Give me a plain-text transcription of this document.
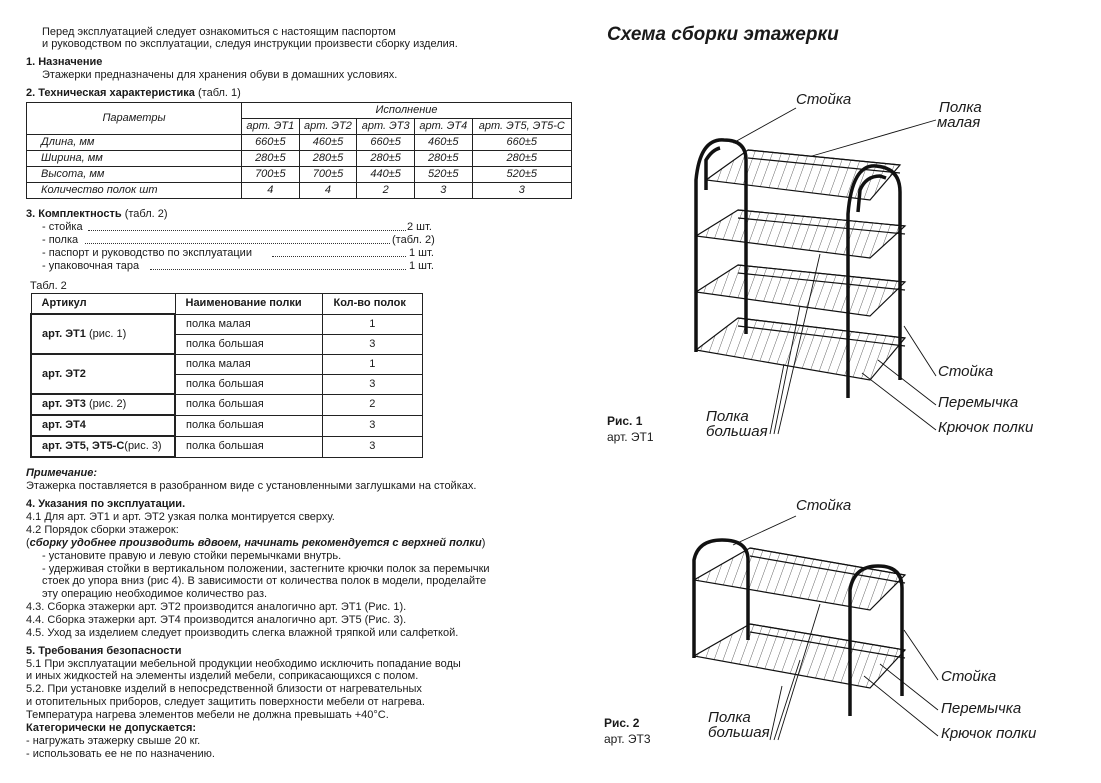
Перед эксплуатацией следует ознакомиться с настоящим паспортом
и руководством по эксплуатации, следуя инструкции произвести сборку изделия.
1. Назначение
Этажерки предназначены для хранения обуви в домашних условиях.
2. Техническая характеристика (табл. 1)
Параметры	Исполнение				
	арт. ЭТ1	арт. ЭТ2	арт. ЭТ3	арт. ЭТ4	арт. ЭТ5, ЭТ5-С
Длина, мм	660±5	460±5	660±5	460±5	660±5
Ширина, мм	280±5	280±5	280±5	280±5	280±5
Высота, мм	700±5	700±5	440±5	520±5	520±5
Количество полок шт	4	4	2	3	3
3. Комплектность (табл. 2)
- стойка	2 шт.
- полка	(табл. 2)
- паспорт и руководство по эксплуатации	1 шт.
- упаковочная тара	1 шт.
Табл. 2
Артикул	Наименование полки	Кол-во полок
арт. ЭТ1 (рис. 1)	полка малая	1
	полка большая	3
арт. ЭТ2	полка малая	1
	полка большая	3
арт. ЭТ3 (рис. 2)	полка большая	2
арт. ЭТ4	полка большая	3
арт. ЭТ5, ЭТ5-С(рис. 3)	полка большая	3
Примечание:
Этажерка поставляется в разобранном виде с установленными заглушками на стойках.
4. Указания по эксплуатации.
4.1 Для арт. ЭТ1 и арт. ЭТ2 узкая полка монтируется сверху.
4.2 Порядок сборки этажерок:
(сборку удобнее производить вдвоем, начинать рекомендуется с верхней полки)
- установите правую и левую стойки перемычками внутрь.
- удерживая стойки в вертикальном положении, застегните крючки полок за перемычки
стоек до упора вниз (рис 4). В зависимости от количества полок в модели, проделайте
эту операцию необходимое количество раз.
4.3. Сборка этажерки арт. ЭТ2 производится аналогично арт. ЭТ1 (Рис. 1).
4.4. Сборка этажерки арт. ЭТ4 производится аналогично арт. ЭТ5 (Рис. 3).
4.5. Уход за изделием следует производить слегка влажной тряпкой или салфеткой.
5. Требования безопасности
5.1 При эксплуатации мебельной продукции необходимо исключить попадание воды
и иных жидкостей на элементы изделий мебели, соприкасающихся с полом.
5.2. При установке изделий в непосредственной близости от нагревательных
и отопительных приборов, следует защитить поверхности мебели от нагрева.
Температура нагрева элементов мебели не должна превышать +40°С.
Категорически не допускается:
- нагружать этажерку свыше 20 кг.
- использовать ее не по назначению.
Схема сборки этажерки
Стойка	Полка
малая
Стойка
Перемычка
Крючок полки
Полка
большая
Рис. 1
арт. ЭТ1
Стойка
Стойка
Перемычка
Крючок полки
Полка
большая
Рис. 2
арт. ЭТ3
